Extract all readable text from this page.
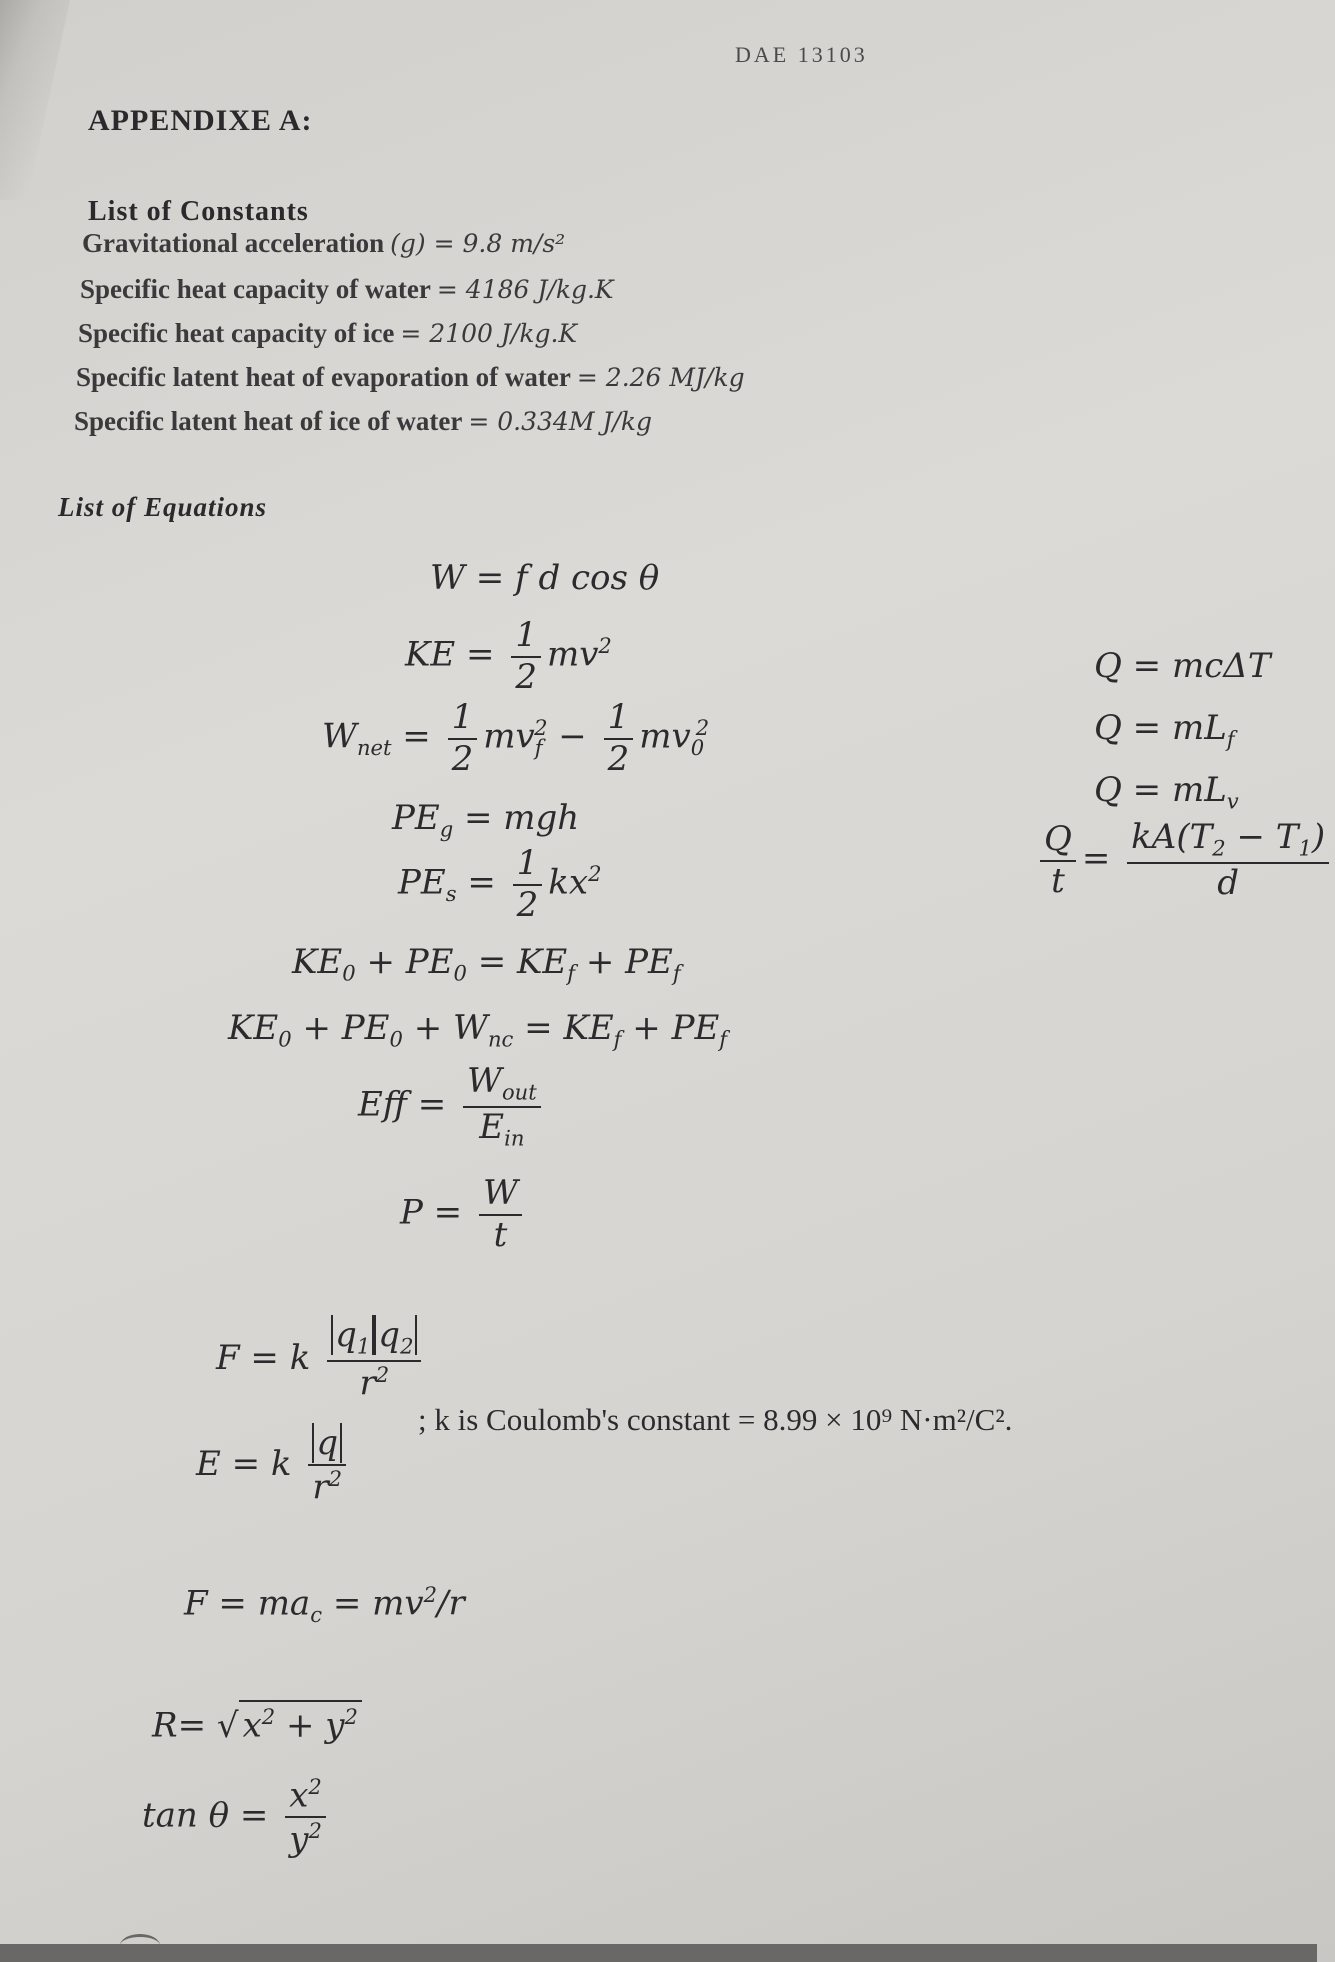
DAE 13103
APPENDIXE A:
List of Constants
Gravitational acceleration (g) = 9.8 m/s²
Specific heat capacity of water = 4186 J/kg.K
Specific heat capacity of ice = 2100 J/kg.K
Specific latent heat of evaporation of water = 2.26 MJ/kg
Specific latent heat of ice of water = 0.334M J/kg
List of Equations
W = f d cos θ
KE = $\frac{1}{2} mv^2$
$W_{net} = \frac{1}{2} mv_f^2 - \frac{1}{2} mv_0^2$
$PE_g$ = mgh
$PE_s = \frac{1}{2} kx^2$
$KE_0 + PE_0 = KE_f + PE_f$
$KE_0 + PE_0 + W_{nc} = KE_f + PE_f$
Eff = $\frac{W_{out}}{E_{in}}$
$P = \frac{W}{t}$
F = k $\frac{q_1 q_2}{r^2}$
; k is Coulomb's constant = 8.99 × 10⁹ N·m²/C².
E = k $\frac{q}{r^2}$
$F = ma_c = mv^2/r$
R= √ $x^2 + y^2$
$\tan \theta = \frac{x^2}{y^2}$
Q = mcΔT
$Q = mL_f$
$Q = mL_v$
$\frac{Q}{t} = \frac{kA(T_2 - T_1)}{d}$
